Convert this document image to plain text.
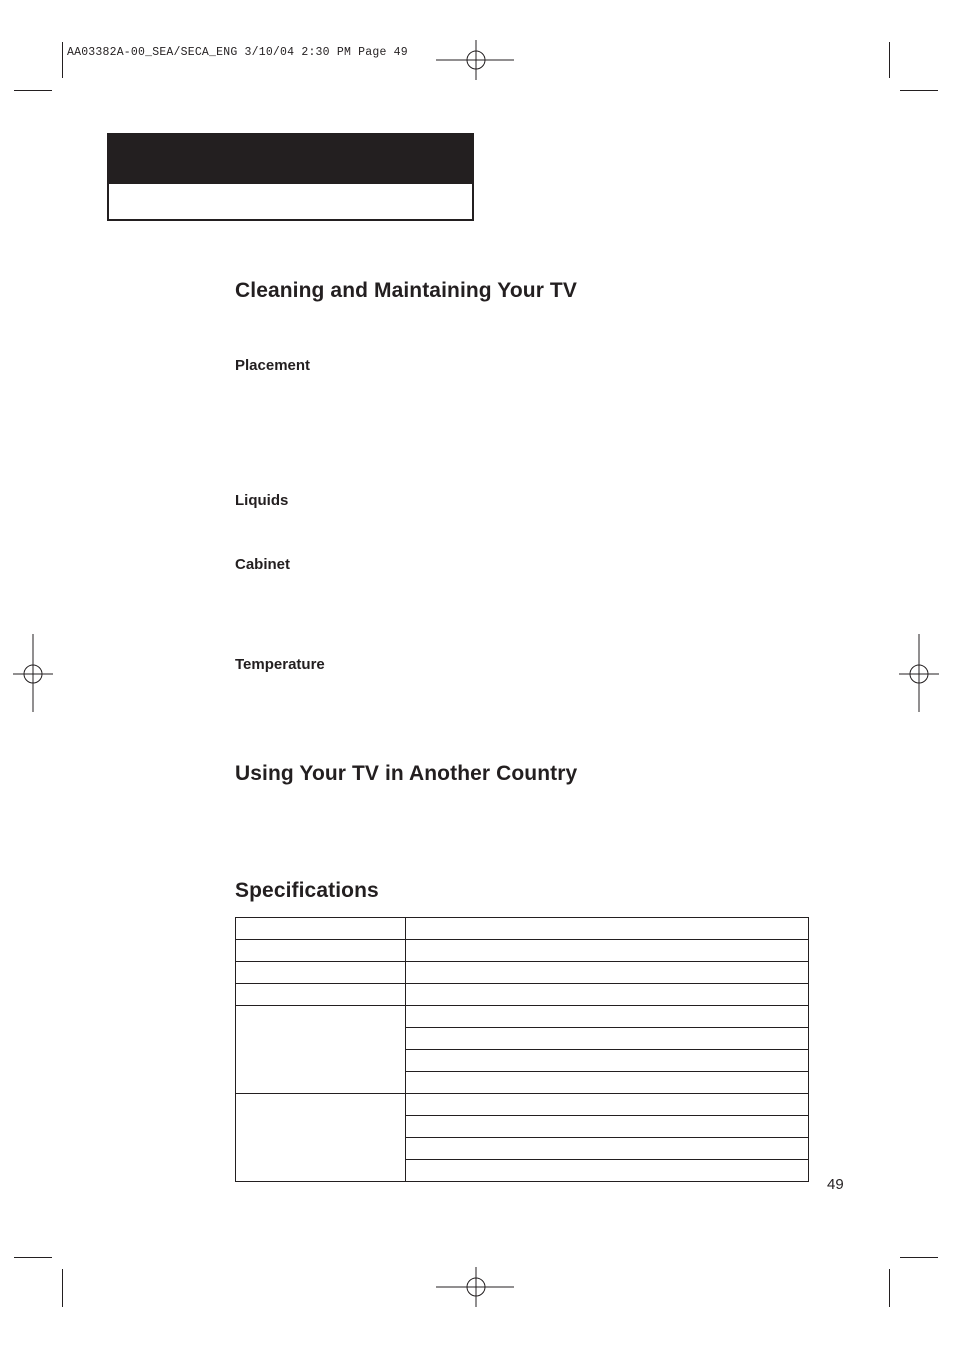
AA03382A-00_SEA/SECA_ENG 3/10/04 2:30 PM Page 49
Cleaning and Maintaining Your TV
Placement
Liquids
Cabinet
Temperature
Using Your TV in Another Country
Specifications

49
